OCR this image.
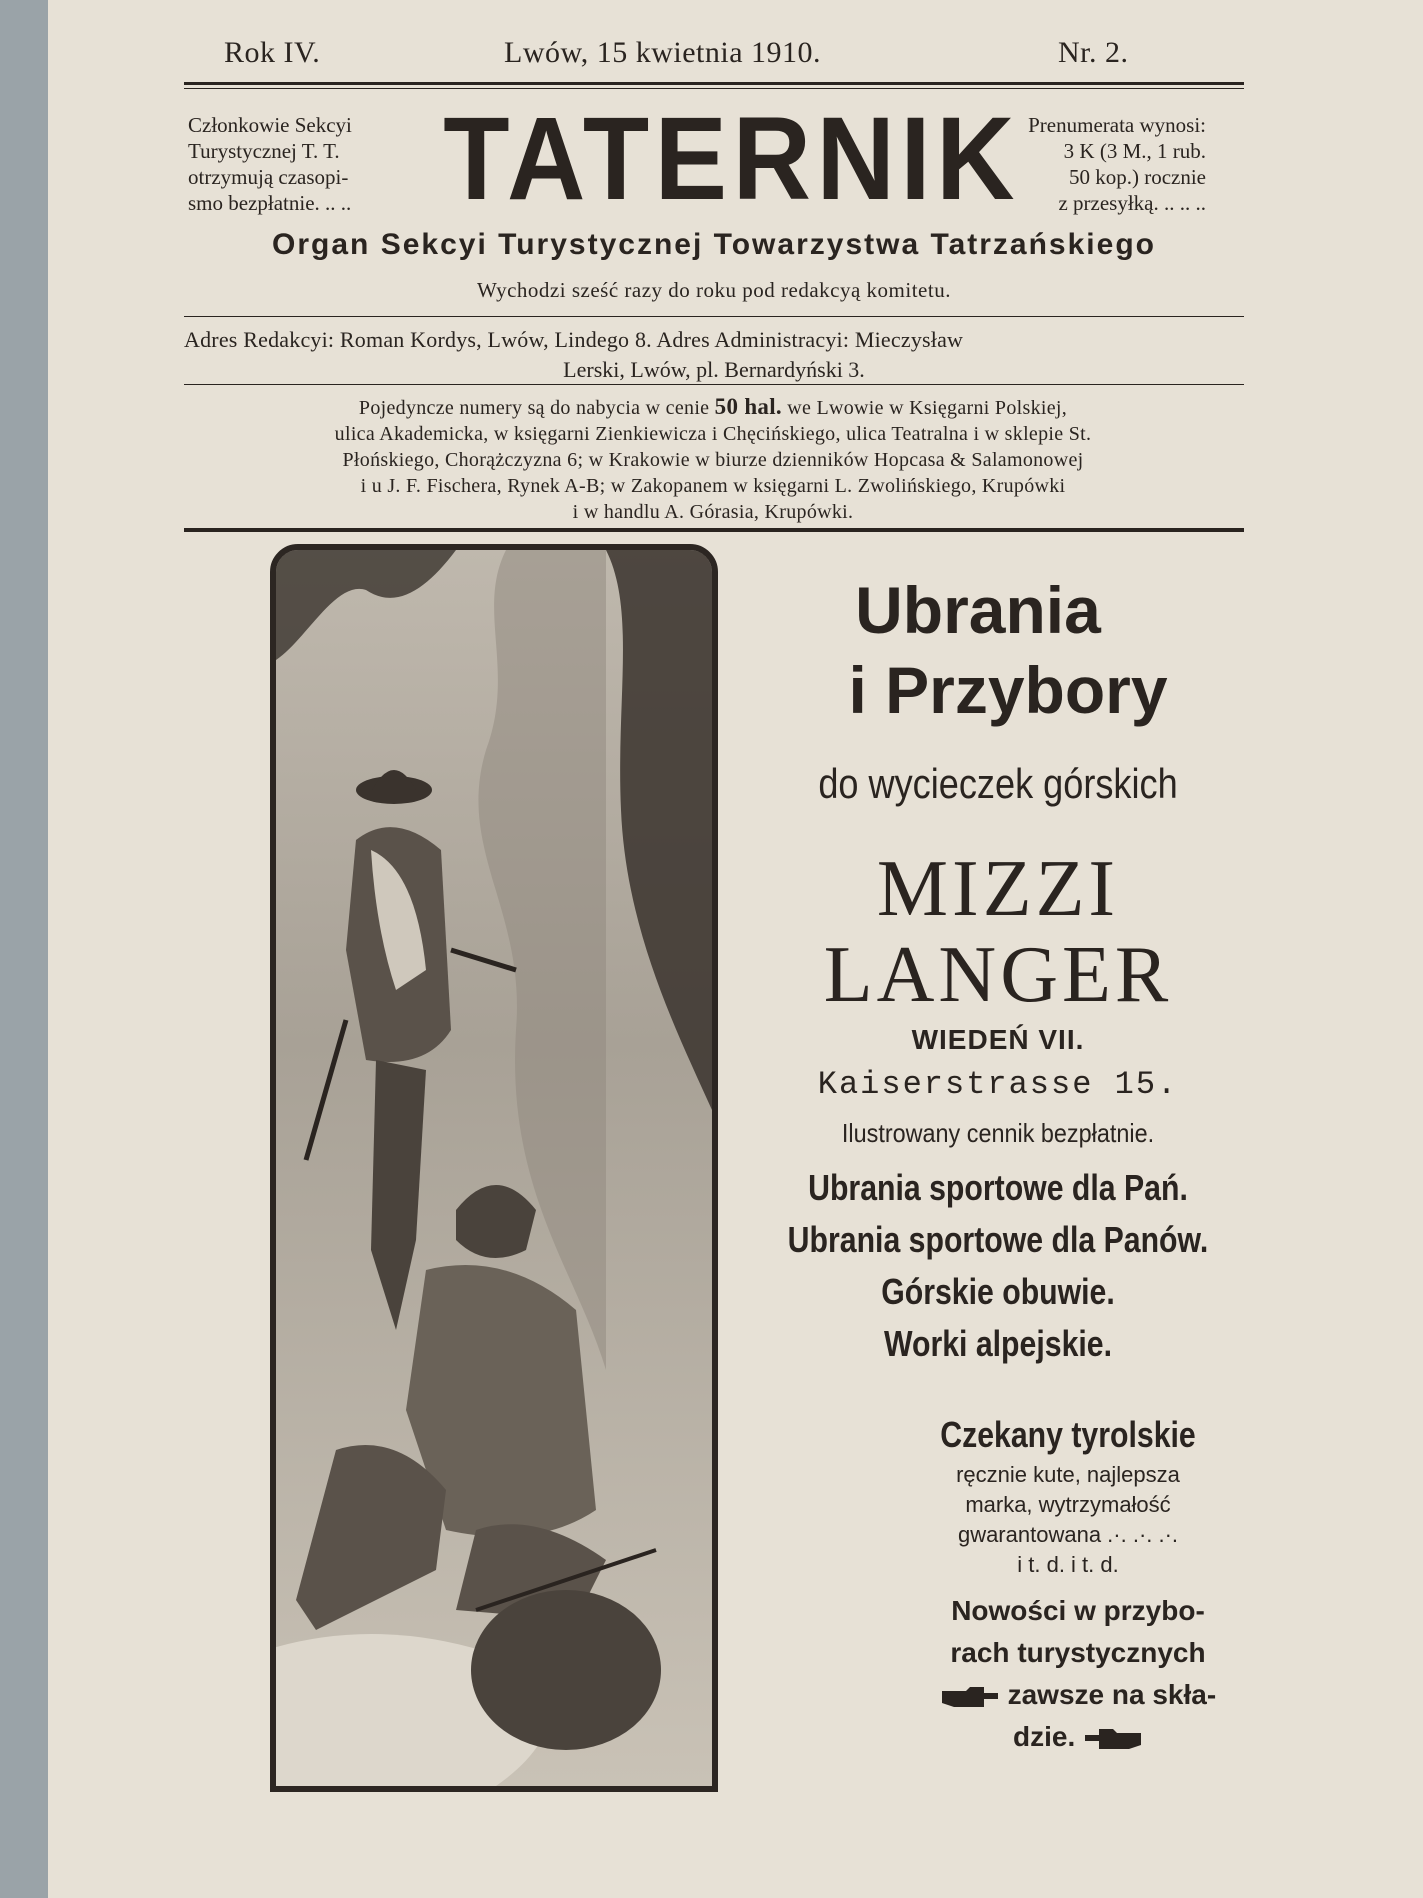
Rok IV.	Lwów, 15 kwietnia 1910.	Nr. 2.
Członkowie Sekcyi
Turystycznej T. T.
otrzymują czasopi-
smo bezpłatnie. .. .. TATERNIK Prenumerata wynosi:
3 K (3 M., 1 rub.
50 kop.) rocznie
z przesyłką. .. .. ..
Organ Sekcyi Turystycznej Towarzystwa Tatrzańskiego
Wychodzi sześć razy do roku pod redakcyą komitetu.

Adres Redakcyi: Roman Kordys, Lwów, Lindego 8. Adres Administracyi: Mieczysław

Lerski, Lwów, pl. Bernardyński 3.

Pojedyncze numery są do nabycia w cenie 50 hal. we Lwowie w Księgarni Polskiej,
ulica Akademicka, w księgarni Zienkiewicza i Chęcińskiego, ulica Teatralna i w sklepie St.
Płońskiego, Chorążczyzna 6; w Krakowie w biurze dzienników Hopcasa & Salamonowej
i u J. F. Fischera, Rynek A-B; w Zakopanem w księgarni L. Zwolińskiego, Krupówki
i w handlu A. Górasia, Krupówki.
Ubrania
i Przybory
do wycieczek górskich
MIZZI
LANGER
WIEDEŃ VII.
Kaiserstrasse 15.
Ilustrowany cennik bezpłatnie.
Ubrania sportowe dla Pań.
Ubrania sportowe dla Panów.
Górskie obuwie.
Worki alpejskie.
Czekany tyrolskie
ręcznie kute, najlepsza
marka, wytrzymałość
gwarantowana .·. .·. .·.
i t. d. i t. d.
Nowości w przybo-
rach turystycznych
zawsze na skła-
dzie.
